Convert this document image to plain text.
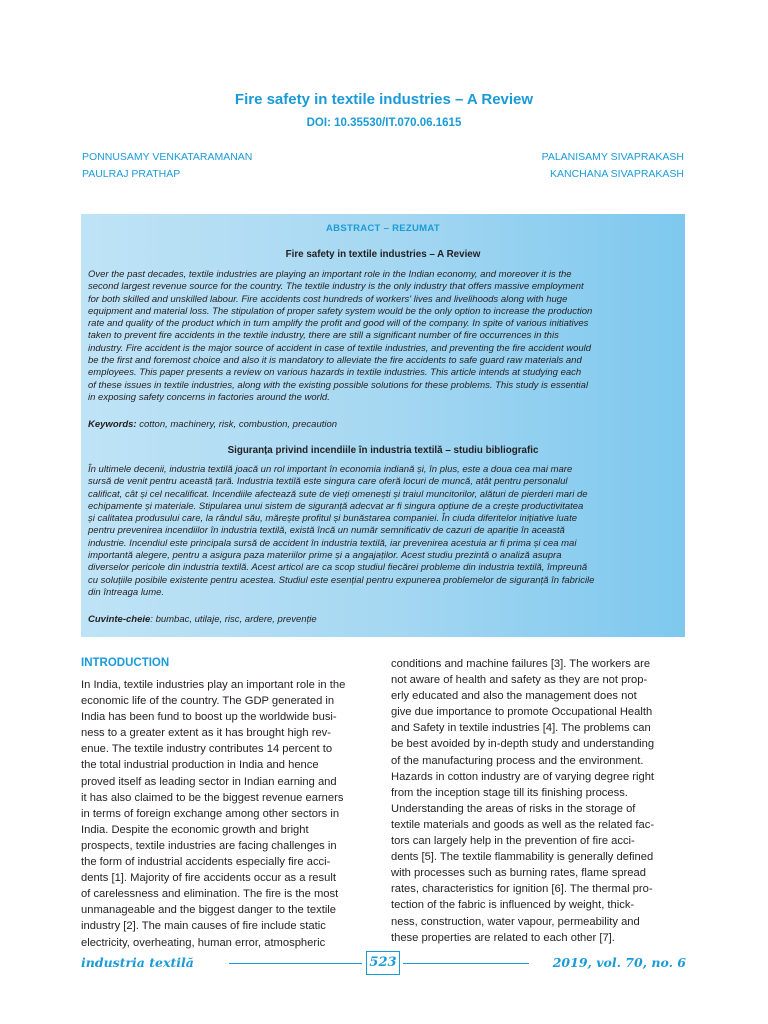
Fire safety in textile industries – A Review
DOI: 10.35530/IT.070.06.1615
PONNUSAMY VENKATARAMANAN
PAULRAJ PRATHAP
PALANISAMY SIVAPRAKASH
KANCHANA SIVAPRAKASH
ABSTRACT – REZUMAT
Fire safety in textile industries – A Review
Over the past decades, textile industries are playing an important role in the Indian economy, and moreover it is the
second largest revenue source for the country. The textile industry is the only industry that offers massive employment
for both skilled and unskilled labour. Fire accidents cost hundreds of workers' lives and livelihoods along with huge
equipment and material loss. The stipulation of proper safety system would be the only option to increase the production
rate and quality of the product which in turn amplify the profit and good will of the company. In spite of various initiatives
taken to prevent fire accidents in the textile industry, there are still a significant number of fire occurrences in this
industry. Fire accident is the major source of accident in case of textile industries, and preventing the fire accident would
be the first and foremost choice and also it is mandatory to alleviate the fire accidents to safe guard raw materials and
employees. This paper presents a review on various hazards in textile industries. This article intends at studying each
of these issues in textile industries, along with the existing possible solutions for these problems. This study is essential
in exposing safety concerns in factories around the world.
Keywords: cotton, machinery, risk, combustion, precaution
Siguranța privind incendiile în industria textilă – studiu bibliografic
În ultimele decenii, industria textilă joacă un rol important în economia indiană și, în plus, este a doua cea mai mare
sursă de venit pentru această țară. Industria textilă este singura care oferă locuri de muncă, atât pentru personalul
calificat, cât și cel necalificat. Incendiile afectează sute de vieți omenești și traiul muncitorilor, alături de pierderi mari de
echipamente și materiale. Stipularea unui sistem de siguranță adecvat ar fi singura opțiune de a crește productivitatea
și calitatea produsului care, la rândul său, mărește profitul și bunăstarea companiei. În ciuda diferitelor inițiative luate
pentru prevenirea incendiilor în industria textilă, există încă un număr semnificativ de cazuri de apariție în această
industrie. Incendiul este principala sursă de accident în industria textilă, iar prevenirea acestuia ar fi prima și cea mai
importantă alegere, pentru a asigura paza materiilor prime și a angajaților. Acest studiu prezintă o analiză asupra
diverselor pericole din industria textilă. Acest articol are ca scop studiul fiecărei probleme din industria textilă, împreună
cu soluțiile posibile existente pentru acestea. Studiul este esențial pentru expunerea problemelor de siguranță în fabricile
din întreaga lume.
Cuvinte-cheie: bumbac, utilaje, risc, ardere, prevenție
INTRODUCTION
In India, textile industries play an important role in the
economic life of the country. The GDP generated in
India has been fund to boost up the worldwide busi-
ness to a greater extent as it has brought high rev-
enue. The textile industry contributes 14 percent to
the total industrial production in India and hence
proved itself as leading sector in Indian earning and
it has also claimed to be the biggest revenue earners
in terms of foreign exchange among other sectors in
India. Despite the economic growth and bright
prospects, textile industries are facing challenges in
the form of industrial accidents especially fire acci-
dents [1]. Majority of fire accidents occur as a result
of carelessness and elimination. The fire is the most
unmanageable and the biggest danger to the textile
industry [2]. The main causes of fire include static
electricity, overheating, human error, atmospheric
conditions and machine failures [3]. The workers are
not aware of health and safety as they are not prop-
erly educated and also the management does not
give due importance to promote Occupational Health
and Safety in textile industries [4]. The problems can
be best avoided by in-depth study and understanding
of the manufacturing process and the environment.
Hazards in cotton industry are of varying degree right
from the inception stage till its finishing process.
Understanding the areas of risks in the storage of
textile materials and goods as well as the related fac-
tors can largely help in the prevention of fire acci-
dents [5]. The textile flammability is generally defined
with processes such as burning rates, flame spread
rates, characteristics for ignition [6]. The thermal pro-
tection of the fabric is influenced by weight, thick-
ness, construction, water vapour, permeability and
these properties are related to each other [7].
industria textilă	523	2019, vol. 70, no. 6
